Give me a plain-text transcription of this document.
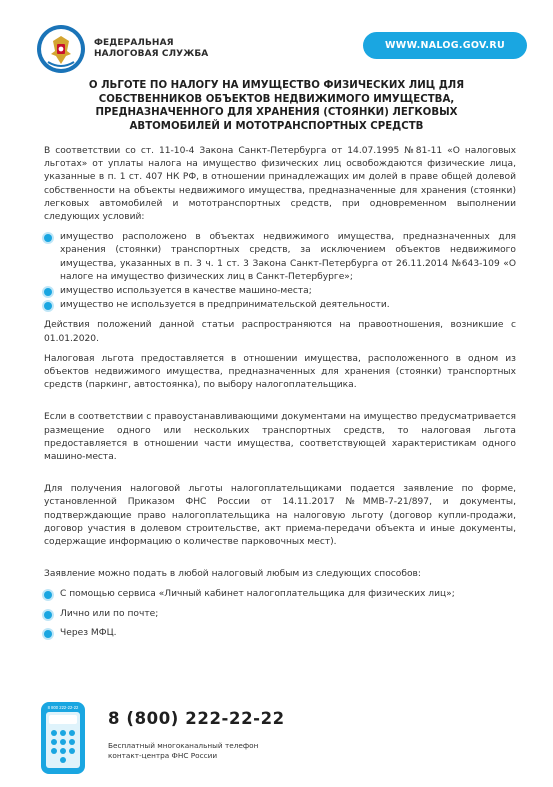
ФЕДЕРАЛЬНАЯ
НАЛОГОВАЯ СЛУЖБА
WWW.NALOG.GOV.RU
О ЛЬГОТЕ ПО НАЛОГУ НА ИМУЩЕСТВО ФИЗИЧЕСКИХ ЛИЦ ДЛЯ СОБСТВЕННИКОВ ОБЪЕКТОВ НЕДВИЖИМОГО ИМУЩЕСТВА, ПРЕДНАЗНАЧЕННОГО ДЛЯ ХРАНЕНИЯ (СТОЯНКИ) ЛЕГКОВЫХ АВТОМОБИЛЕЙ И МОТОТРАНСПОРТНЫХ СРЕДСТВ
В соответствии со ст. 11-10-4 Закона Санкт-Петербурга от 14.07.1995 №81-11 «О налоговых льготах» от уплаты налога на имущество физических лиц освобождаются физические лица, указанные в п. 1 ст. 407 НК РФ, в отношении принадлежащих им долей в праве общей долевой собственности на объекты недвижимого имущества, предназначенные для хранения (стоянки) легковых автомобилей и мототранспортных средств, при одновременном выполнении следующих условий:
имущество расположено в объектах недвижимого имущества, предназначенных для хранения (стоянки) транспортных средств, за исключением объектов недвижимого имущества, указанных в п. 3 ч. 1 ст. 3 Закона Санкт-Петербурга от 26.11.2014 №643-109 «О налоге на имущество физических лиц в Санкт-Петербурге»;
имущество используется в качестве машино-места;
имущество не используется в предпринимательской деятельности.
Действия положений данной статьи распространяются на правоотношения, возникшие с 01.01.2020.
Налоговая льгота предоставляется в отношении имущества, расположенного в одном из объектов недвижимого имущества, предназначенных для хранения (стоянки) транспортных средств (паркинг, автостоянка), по выбору налогоплательщика.
Если в соответствии с правоустанавливающими документами на имущество предусматривается размещение одного или нескольких транспортных средств, то налоговая льгота предоставляется в отношении части имущества, соответствующей характеристикам одного машино-места.
Для получения налоговой льготы налогоплательщиками подается заявление по форме, установленной Приказом ФНС России от 14.11.2017 №ММВ-7-21/897, и документы, подтверждающие право налогоплательщика на налоговую льготу (договор купли-продажи, договор участия в долевом строительстве, акт приема-передачи объекта и иные документы, содержащие информацию о количестве парковочных мест).
Заявление можно подать в любой налоговый любым из следующих способов:
С помощью сервиса «Личный кабинет налогоплательщика для физических лиц»;
Лично или по почте;
Через МФЦ.
8 800 222-22-22
8 (800) 222-22-22
Бесплатный многоканальный телефон
контакт-центра ФНС России
